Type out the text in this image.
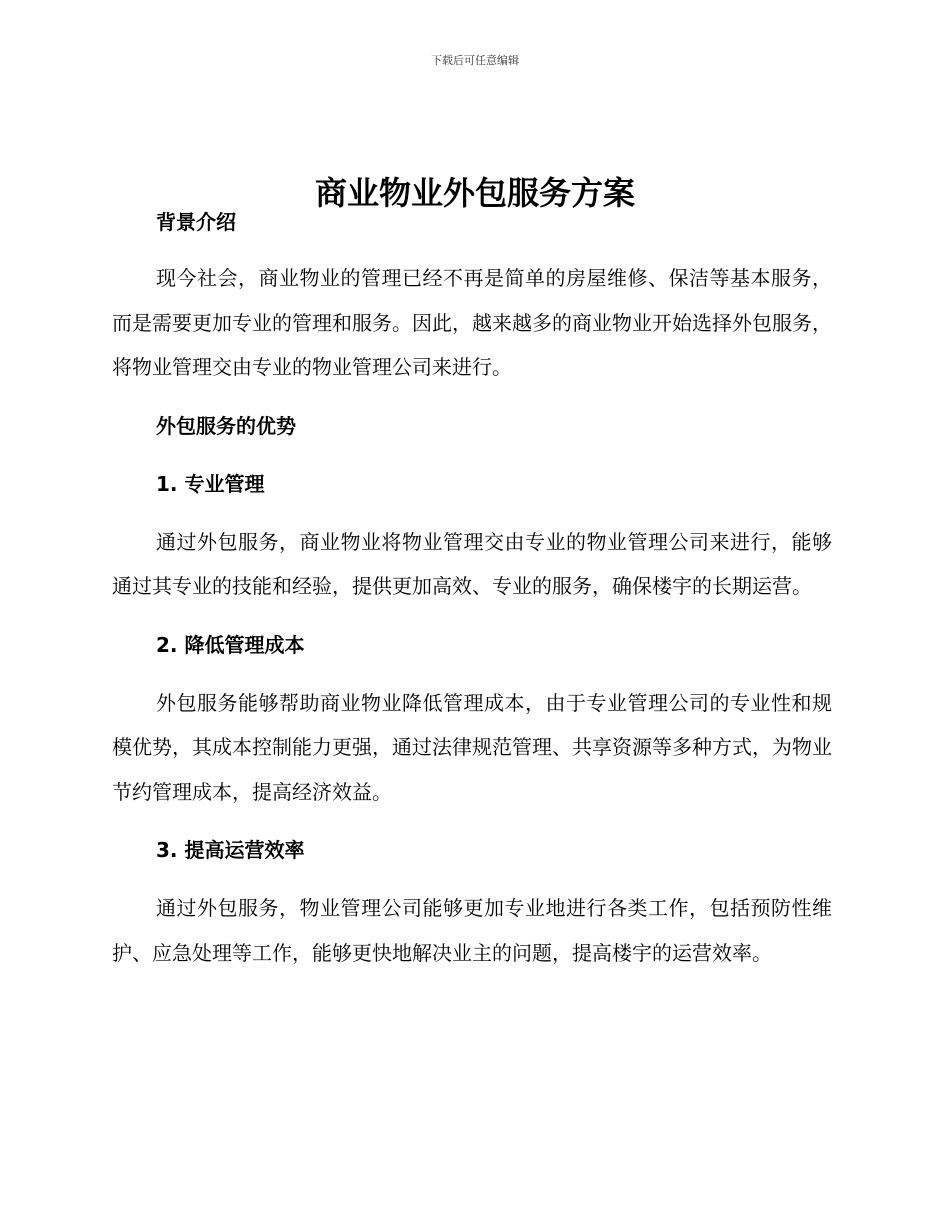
下载后可任意编辑
商业物业外包服务方案
背景介绍

现今社会，商业物业的管理已经不再是简单的房屋维修、保洁等基本服务，而是需要更加专业的管理和服务。因此，越来越多的商业物业开始选择外包服务，将物业管理交由专业的物业管理公司来进行。

外包服务的优势
1. 专业管理

通过外包服务，商业物业将物业管理交由专业的物业管理公司来进行，能够通过其专业的技能和经验，提供更加高效、专业的服务，确保楼宇的长期运营。

2. 降低管理成本

外包服务能够帮助商业物业降低管理成本，由于专业管理公司的专业性和规模优势，其成本控制能力更强，通过法律规范管理、共享资源等多种方式，为物业节约管理成本，提高经济效益。

3. 提高运营效率

通过外包服务，物业管理公司能够更加专业地进行各类工作，包括预防性维护、应急处理等工作，能够更快地解决业主的问题，提高楼宇的运营效率。
